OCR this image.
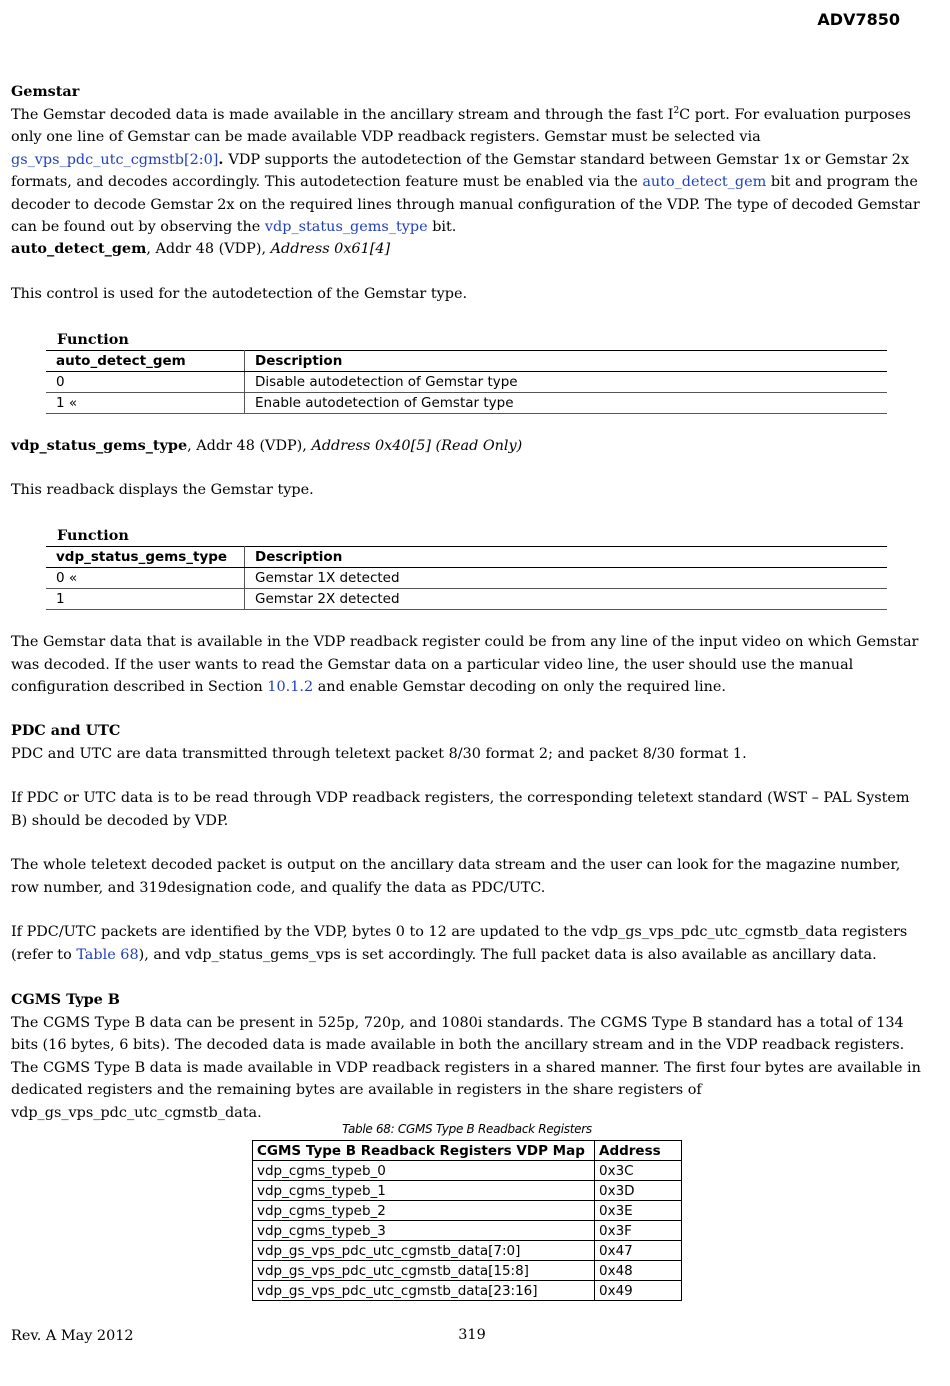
ADV7850

Gemstar

The Gemstar decoded data is made available in the ancillary stream and through the fast $I^2C$ port. For evaluation purposes only one line of Gemstar can be made available VDP readback registers. Gemstar must be selected via gs_vps_pdc_utc_cgmstb[2:0]. VDP supports the autodetection of the Gemstar standard between Gemstar 1x or Gemstar 2x formats, and decodes accordingly. This autodetection feature must be enabled via the auto_detect_gem bit and program the decoder to decode Gemstar 2x on the required lines through manual configuration of the VDP. The type of decoded Gemstar can be found out by observing the vdp_status_gems_type bit.

auto_detect_gem, Addr 48 (VDP), Address 0x61[4]

This control is used for the autodetection of the Gemstar type.

Function
auto_detect_gem	Description
0	Disable autodetection of Gemstar type
1 «	Enable autodetection of Gemstar type

vdp_status_gems_type, Addr 48 (VDP), Address 0x40[5] (Read Only)

This readback displays the Gemstar type.

Function
vdp_status_gems_type	Description
0 «	Gemstar 1X detected
1	Gemstar 2X detected

The Gemstar data that is available in the VDP readback register could be from any line of the input video on which Gemstar was decoded. If the user wants to read the Gemstar data on a particular video line, the user should use the manual configuration described in Section 10.1.2 and enable Gemstar decoding on only the required line.

PDC and UTC

PDC and UTC are data transmitted through teletext packet 8/30 format 2; and packet 8/30 format 1.

If PDC or UTC data is to be read through VDP readback registers, the corresponding teletext standard (WST – PAL System B) should be decoded by VDP.

The whole teletext decoded packet is output on the ancillary data stream and the user can look for the magazine number, row number, and 319designation code, and qualify the data as PDC/UTC.

If PDC/UTC packets are identified by the VDP, bytes 0 to 12 are updated to the vdp_gs_vps_pdc_utc_cgmstb_data registers (refer to Table 68), and vdp_status_gems_vps is set accordingly. The full packet data is also available as ancillary data.

CGMS Type B

The CGMS Type B data can be present in 525p, 720p, and 1080i standards. The CGMS Type B standard has a total of 134 bits (16 bytes, 6 bits). The decoded data is made available in both the ancillary stream and in the VDP readback registers. The CGMS Type B data is made available in VDP readback registers in a shared manner. The first four bytes are available in dedicated registers and the remaining bytes are available in registers in the share registers of vdp_gs_vps_pdc_utc_cgmstb_data.

Table 68: CGMS Type B Readback Registers
CGMS Type B Readback Registers VDP Map	Address
vdp_cgms_typeb_0	0x3C
vdp_cgms_typeb_1	0x3D
vdp_cgms_typeb_2	0x3E
vdp_cgms_typeb_3	0x3F
vdp_gs_vps_pdc_utc_cgmstb_data[7:0]	0x47
vdp_gs_vps_pdc_utc_cgmstb_data[15:8]	0x48
vdp_gs_vps_pdc_utc_cgmstb_data[23:16]	0x49
Rev. A May 2012	319
